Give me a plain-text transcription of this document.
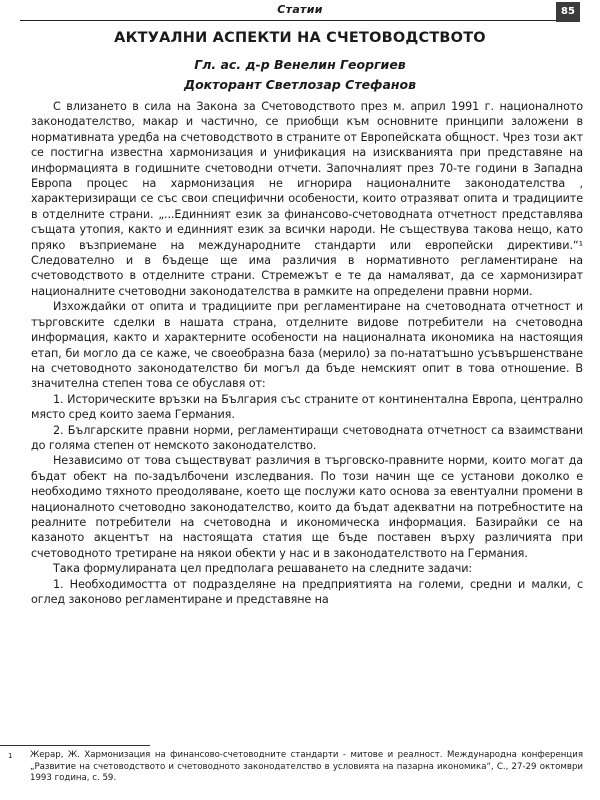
Статии	85
АКТУАЛНИ АСПЕКТИ НА СЧЕТОВОДСТВОТО
Гл. ас. д-р Венелин Георгиев
Докторант Светлозар Стефанов

С влизането в сила на Закона за Счетоводството през м. април 1991 г. националното законодателство, макар и частично, се приобщи към основните принципи заложени в нормативната уредба на счетоводството в страните от Европейската общност. Чрез този акт се постигна известна хармонизация и унификация на изискванията при представяне на информацията в годишните счетоводни отчети. Започналият през 70-те години в Западна Европа процес на хармонизация не игнорира националните законодателства , характеризиращи се със свои специфични особености, които отразяват опита и традициите в отделните страни. „...Единният език за финансово-счетоводната отчетност представлява същата утопия, както и единният език за всички народи. Не съществува такова нещо, като пряко възприемане на международните стандарти или европейски директиви.“¹ Следователно и в бъдеще ще има различия в нормативното регламентиране на счетоводството в отделните страни. Стремежът е те да намаляват, да се хармонизират националните счетоводни законодателства в рамките на определени правни норми.

Изхождайки от опита и традициите при регламентиране на счетоводната отчетност и търговските сделки в нашата страна, отделните видове потребители на счетоводна информация, както и характерните особености на националната икономика на настоящия етап, би могло да се каже, че своеобразна база (мерило) за по-нататъшно усъвършенстване на счетоводното законодателство би могъл да бъде немският опит в това отношение. В значителна степен това се обуславя от:

1. Историческите връзки на България със страните от континентална Европа, централно място сред които заема Германия.

2. Българските правни норми, регламентиращи счетоводната отчетност са взаимствани до голяма степен от немското законодателство.

Независимо от това съществуват различия в търговско-правните норми, които могат да бъдат обект на по-задълбочени изследвания. По този начин ще се установи доколко е необходимо тяхното преодоляване, което ще послужи като основа за евентуални промени в националното счетоводно законодателство, които да бъдат адекватни на потребностите на реалните потребители на счетоводна и икономическа информация. Базирайки се на казаното акцентът на настоящата статия ще бъде поставен върху различията при счетоводното третиране на някои обекти у нас и в законодателството на Германия.

Така формулираната цел предполага решаването на следните задачи:

1. Необходимостта от подразделяне на предприятията на големи, средни и малки, с оглед законово регламентиране и представяне на

1	Жерар, Ж. Хармонизация на финансово-счетоводните стандарти - митове и реалност. Международна конференция „Развитие на счетоводството и счетоводното законодателство в условията на пазарна икономика“, С., 27-29 октомври 1993 година, с. 59.
